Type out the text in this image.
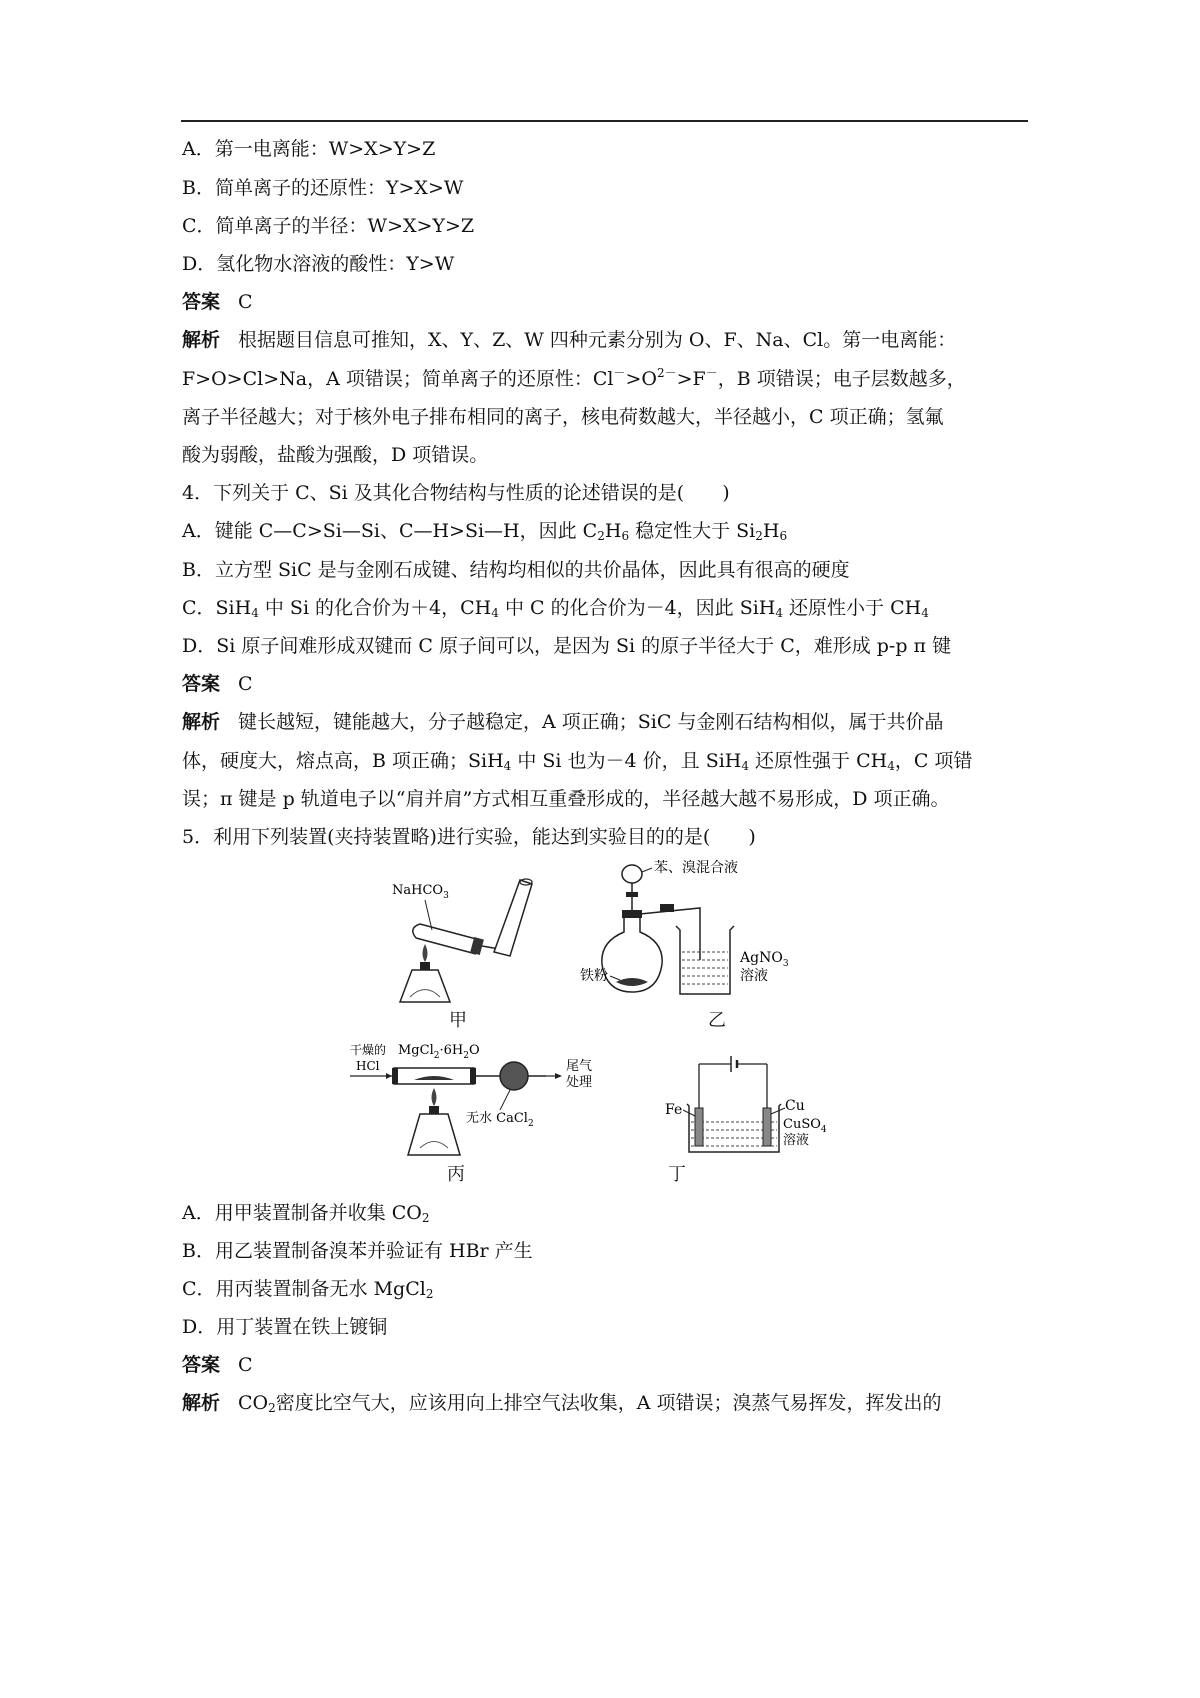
A．第一电离能：W>X>Y>Z
B．简单离子的还原性：Y>X>W
C．简单离子的半径：W>X>Y>Z
D．氢化物水溶液的酸性：Y>W
答案 C
解析 根据题目信息可推知，X、Y、Z、W 四种元素分别为 O、F、Na、Cl。第一电离能：
F>O>Cl>Na，A 项错误；简单离子的还原性：$Cl^->O^{2-}>F^-$，B 项错误；电子层数越多，
离子半径越大；对于核外电子排布相同的离子，核电荷数越大，半径越小，C 项正确；氢氟
酸为弱酸，盐酸为强酸，D 项错误。
4．下列关于 C、Si 及其化合物结构与性质的论述错误的是(　　)
A．键能 C—C>Si—Si、C—H>Si—H，因此 $C_2H_6$ 稳定性大于 $Si_2H_6$
B．立方型 SiC 是与金刚石成键、结构均相似的共价晶体，因此具有很高的硬度
C．SiH$_4$ 中 Si 的化合价为＋4，$CH_4$ 中 C 的化合价为－4，因此 SiH$_4$ 还原性小于 $CH_4$
D．Si 原子间难形成双键而 C 原子间可以，是因为 Si 的原子半径大于 C，难形成 p-p π 键
答案 C
解析 键长越短，键能越大，分子越稳定，A 项正确；SiC 与金刚石结构相似，属于共价晶
体，硬度大，熔点高，B 项正确；SiH$_4$ 中 Si 也为－4 价，且 SiH$_4$ 还原性强于 $CH_4$，C 项错
误；π 键是 p 轨道电子以“肩并肩”方式相互重叠形成的，半径越大越不易形成，D 项正确。
5．利用下列装置(夹持装置略)进行实验，能达到实验目的的是(　　)
NaHCO$_3$
甲
苯、溴混合液
铁粉
AgNO$_3$
溶液
乙
干燥的
HCl
$MgCl_2\cdot 6H_2O$
尾气
处理
无水 CaCl$_2$
丙
Fe	Cu
CuSO$_4$
溶液
丁
A．用甲装置制备并收集 $CO_2$
B．用乙装置制备溴苯并验证有 HBr 产生
C．用丙装置制备无水 MgCl$_2$
D．用丁装置在铁上镀铜
答案 C
解析 $CO_2$密度比空气大，应该用向上排空气法收集，A 项错误；溴蒸气易挥发，挥发出的
